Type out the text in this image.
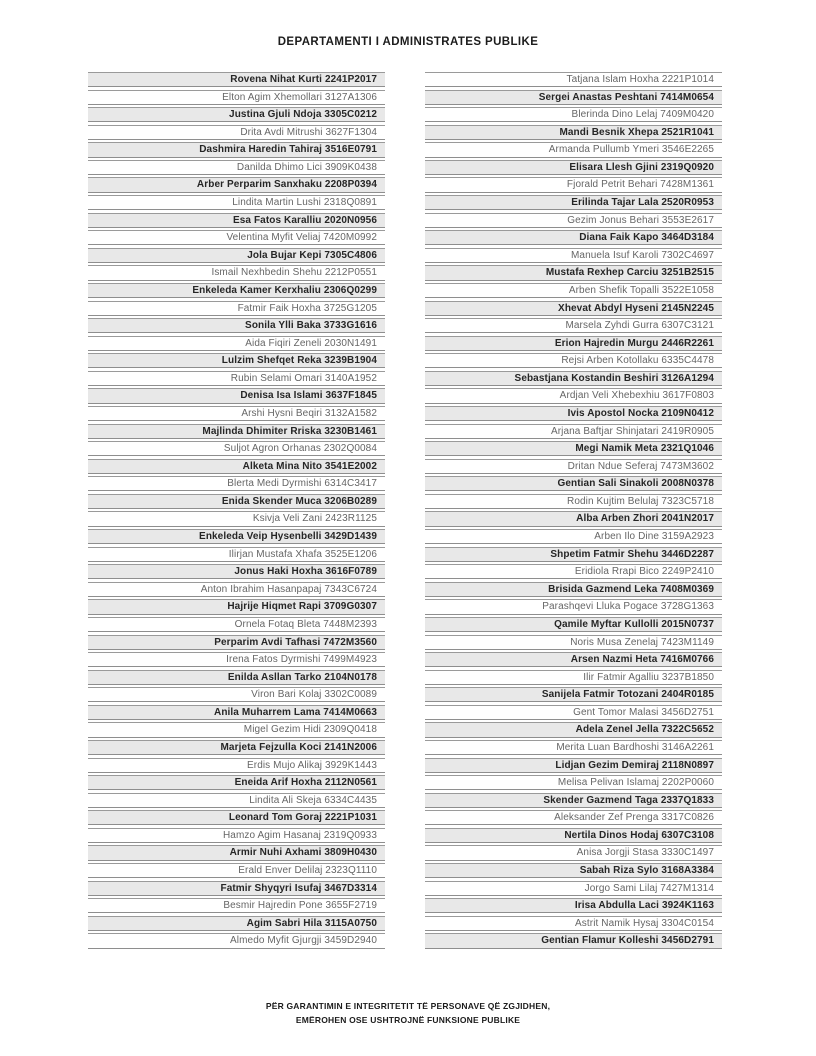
DEPARTAMENTI I ADMINISTRATES PUBLIKE
Rovena Nihat Kurti 2241P2017
Elton Agim Xhemollari 3127A1306
Justina Gjuli Ndoja 3305C0212
Drita Avdi Mitrushi 3627F1304
Dashmira Haredin Tahiraj 3516E0791
Danilda Dhimo Lici 3909K0438
Arber Perparim Sanxhaku 2208P0394
Lindita Martin Lushi 2318Q0891
Esa Fatos Karalliu 2020N0956
Velentina Myfit Veliaj 7420M0992
Jola Bujar Kepi 7305C4806
Ismail Nexhbedin Shehu 2212P0551
Enkeleda Kamer Kerxhaliu 2306Q0299
Fatmir Faik Hoxha 3725G1205
Sonila Ylli Baka 3733G1616
Aida Fiqiri Zeneli 2030N1491
Lulzim Shefqet Reka 3239B1904
Rubin Selami Omari 3140A1952
Denisa Isa Islami 3637F1845
Arshi Hysni Beqiri 3132A1582
Majlinda Dhimiter Rriska 3230B1461
Suljot Agron Orhanas 2302Q0084
Alketa Mina Nito 3541E2002
Blerta Medi Dyrmishi 6314C3417
Enida Skender Muca 3206B0289
Ksivja Veli Zani 2423R1125
Enkeleda Veip Hysenbelli 3429D1439
Ilirjan Mustafa Xhafa 3525E1206
Jonus Haki Hoxha 3616F0789
Anton Ibrahim Hasanpapaj 7343C6724
Hajrije Hiqmet Rapi 3709G0307
Ornela Fotaq Bleta 7448M2393
Perparim Avdi Tafhasi 7472M3560
Irena Fatos Dyrmishi 7499M4923
Enilda Asllan Tarko 2104N0178
Viron Bari Kolaj 3302C0089
Anila Muharrem Lama 7414M0663
Migel Gezim Hidi 2309Q0418
Marjeta Fejzulla Koci 2141N2006
Erdis Mujo Alikaj 3929K1443
Eneida Arif Hoxha 2112N0561
Lindita Ali Skeja 6334C4435
Leonard Tom Goraj 2221P1031
Hamzo Agim Hasanaj 2319Q0933
Armir Nuhi Axhami 3809H0430
Erald Enver Delilaj 2323Q1110
Fatmir Shyqyri Isufaj 3467D3314
Besmir Hajredin Pone 3655F2719
Agim Sabri Hila 3115A0750
Almedo Myfit Gjurgji 3459D2940
Tatjana Islam Hoxha 2221P1014
Sergei Anastas Peshtani 7414M0654
Blerinda Dino Lelaj 7409M0420
Mandi Besnik Xhepa 2521R1041
Armanda Pullumb Ymeri 3546E2265
Elisara Llesh Gjini 2319Q0920
Fjorald Petrit Behari 7428M1361
Erilinda Tajar Lala 2520R0953
Gezim Jonus Behari 3553E2617
Diana Faik Kapo 3464D3184
Manuela Isuf Karoli 7302C4697
Mustafa Rexhep Carciu 3251B2515
Arben Shefik Topalli 3522E1058
Xhevat Abdyl Hyseni 2145N2245
Marsela Zyhdi Gurra 6307C3121
Erion Hajredin Murgu 2446R2261
Rejsi Arben Kotollaku 6335C4478
Sebastjana Kostandin Beshiri 3126A1294
Ardjan Veli Xhebexhiu 3617F0803
Ivis Apostol Nocka 2109N0412
Arjana Baftjar Shinjatari 2419R0905
Megi Namik Meta 2321Q1046
Dritan Ndue Seferaj 7473M3602
Gentian Sali Sinakoli 2008N0378
Rodin Kujtim Belulaj 7323C5718
Alba Arben Zhori 2041N2017
Arben Ilo Dine 3159A2923
Shpetim Fatmir Shehu 3446D2287
Eridiola Rrapi Bico 2249P2410
Brisida Gazmend Leka 7408M0369
Parashqevi Lluka Pogace 3728G1363
Qamile Myftar Kullolli 2015N0737
Noris Musa Zenelaj 7423M1149
Arsen Nazmi Heta 7416M0766
Ilir Fatmir Agalliu 3237B1850
Sanijela Fatmir Totozani 2404R0185
Gent Tomor Malasi 3456D2751
Adela Zenel Jella 7322C5652
Merita Luan Bardhoshi 3146A2261
Lidjan Gezim Demiraj 2118N0897
Melisa Pelivan Islamaj 2202P0060
Skender Gazmend Taga 2337Q1833
Aleksander Zef Prenga 3317C0826
Nertila Dinos Hodaj 6307C3108
Anisa Jorgji Stasa 3330C1497
Sabah Riza Sylo 3168A3384
Jorgo Sami Lilaj 7427M1314
Irisa Abdulla Laci 3924K1163
Astrit Namik Hysaj 3304C0154
Gentian Flamur Kolleshi 3456D2791
PËR GARANTIMIN E INTEGRITETIT TË PERSONAVE QË ZGJIDHEN,
EMËROHEN OSE USHTROJNË FUNKSIONE PUBLIKE
